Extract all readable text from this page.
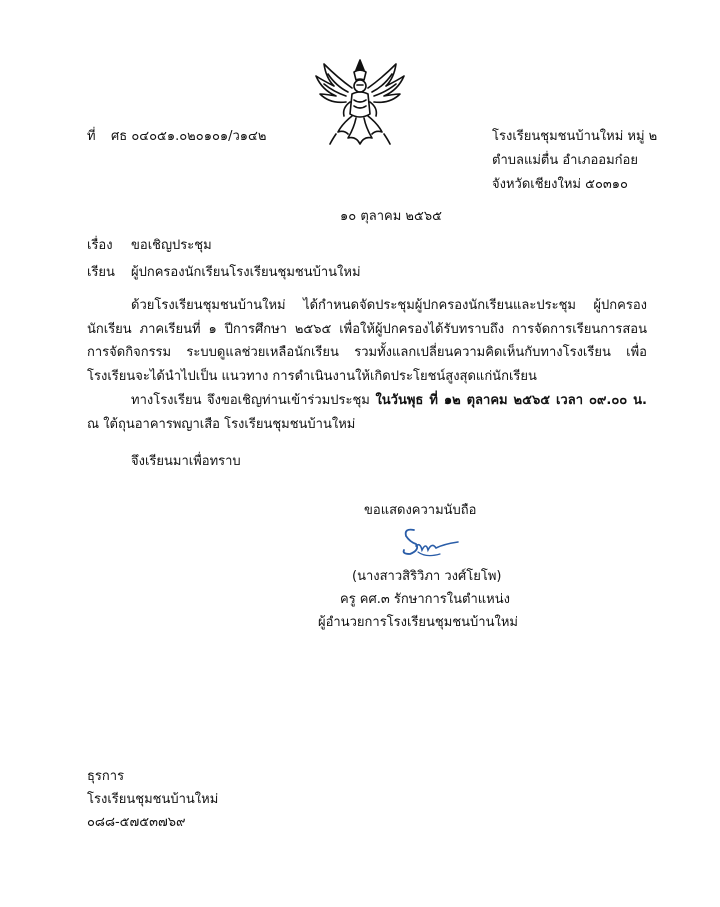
ที่ ศธ ๐๔๐๕๑.๐๒๐๑๐๑/ว๑๔๒	โรงเรียนชุมชนบ้านใหม่ หมู่ ๒
ตำบลแม่ตื่น อำเภออมก๋อย
จังหวัดเชียงใหม่ ๕๐๓๑๐
๑๐ ตุลาคม ๒๕๖๕
เรื่อง ขอเชิญประชุม
เรียน ผู้ปกครองนักเรียนโรงเรียนชุมชนบ้านใหม่
ด้วยโรงเรียนชุมชนบ้านใหม่ ได้กำหนดจัดประชุมผู้ปกครองนักเรียนและประชุม ผู้ปกครองนักเรียน ภาคเรียนที่ ๑ ปีการศึกษา ๒๕๖๕ เพื่อให้ผู้ปกครองได้รับทราบถึง การจัดการเรียนการสอน การจัดกิจกรรม ระบบดูแลช่วยเหลือนักเรียน รวมทั้งแลกเปลี่ยนความคิดเห็นกับทางโรงเรียน เพื่อโรงเรียนจะได้นำไปเป็น แนวทาง การดำเนินงานให้เกิดประโยชน์สูงสุดแก่นักเรียน
ทางโรงเรียน จึงขอเชิญท่านเข้าร่วมประชุม ในวันพุธ ที่ ๑๒ ตุลาคม ๒๕๖๕ เวลา ๐๙.๐๐ น. ณ ใต้ถุนอาคารพญาเสือ โรงเรียนชุมชนบ้านใหม่
จึงเรียนมาเพื่อทราบ
ขอแสดงความนับถือ
(นางสาวสิริวิภา วงศ์โยโพ)
ครู คศ.๓ รักษาการในตำแหน่ง
ผู้อำนวยการโรงเรียนชุมชนบ้านใหม่
ธุรการ
โรงเรียนชุมชนบ้านใหม่
๐๘๘-๕๗๕๓๗๖๙
